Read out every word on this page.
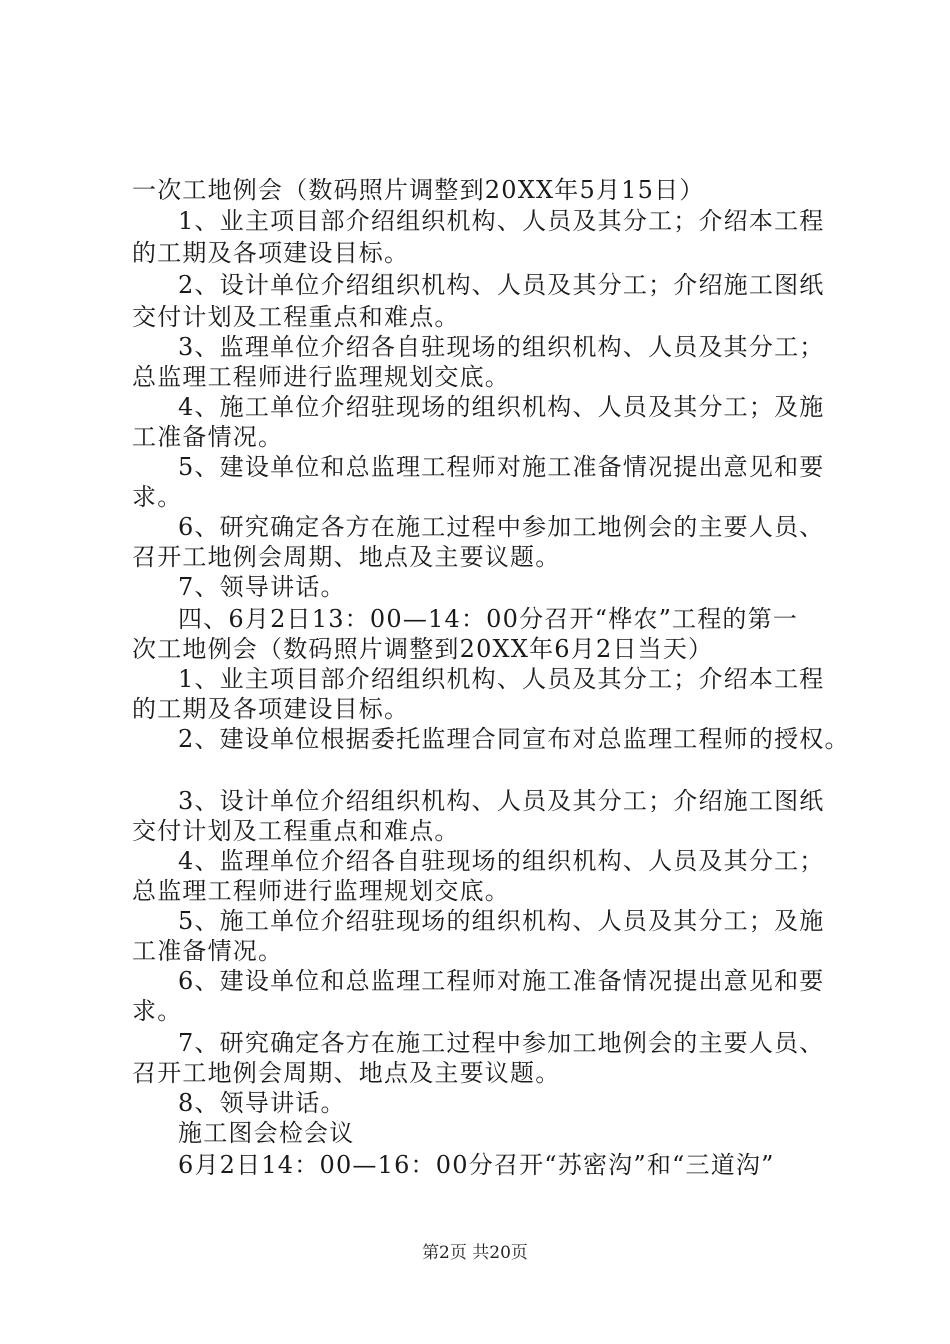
一次工地例会（数码照片调整到20XX年5月15日）
1、业主项目部介绍组织机构、人员及其分工；介绍本工程
的工期及各项建设目标。
2、设计单位介绍组织机构、人员及其分工；介绍施工图纸
交付计划及工程重点和难点。
3、监理单位介绍各自驻现场的组织机构、人员及其分工；
总监理工程师进行监理规划交底。
4、施工单位介绍驻现场的组织机构、人员及其分工；及施
工准备情况。
5、建设单位和总监理工程师对施工准备情况提出意见和要
求。
6、研究确定各方在施工过程中参加工地例会的主要人员、
召开工地例会周期、地点及主要议题。
7、领导讲话。
四、6月2日13：00—14：00分召开“桦农”工程的第一
次工地例会（数码照片调整到20XX年6月2日当天）
1、业主项目部介绍组织机构、人员及其分工；介绍本工程
的工期及各项建设目标。
2、建设单位根据委托监理合同宣布对总监理工程师的授权。
3、设计单位介绍组织机构、人员及其分工；介绍施工图纸
交付计划及工程重点和难点。
4、监理单位介绍各自驻现场的组织机构、人员及其分工；
总监理工程师进行监理规划交底。
5、施工单位介绍驻现场的组织机构、人员及其分工；及施
工准备情况。
6、建设单位和总监理工程师对施工准备情况提出意见和要
求。
7、研究确定各方在施工过程中参加工地例会的主要人员、
召开工地例会周期、地点及主要议题。
8、领导讲话。
施工图会检会议
6月2日14：00—16：00分召开“苏密沟”和“三道沟”
第2页 共20页
